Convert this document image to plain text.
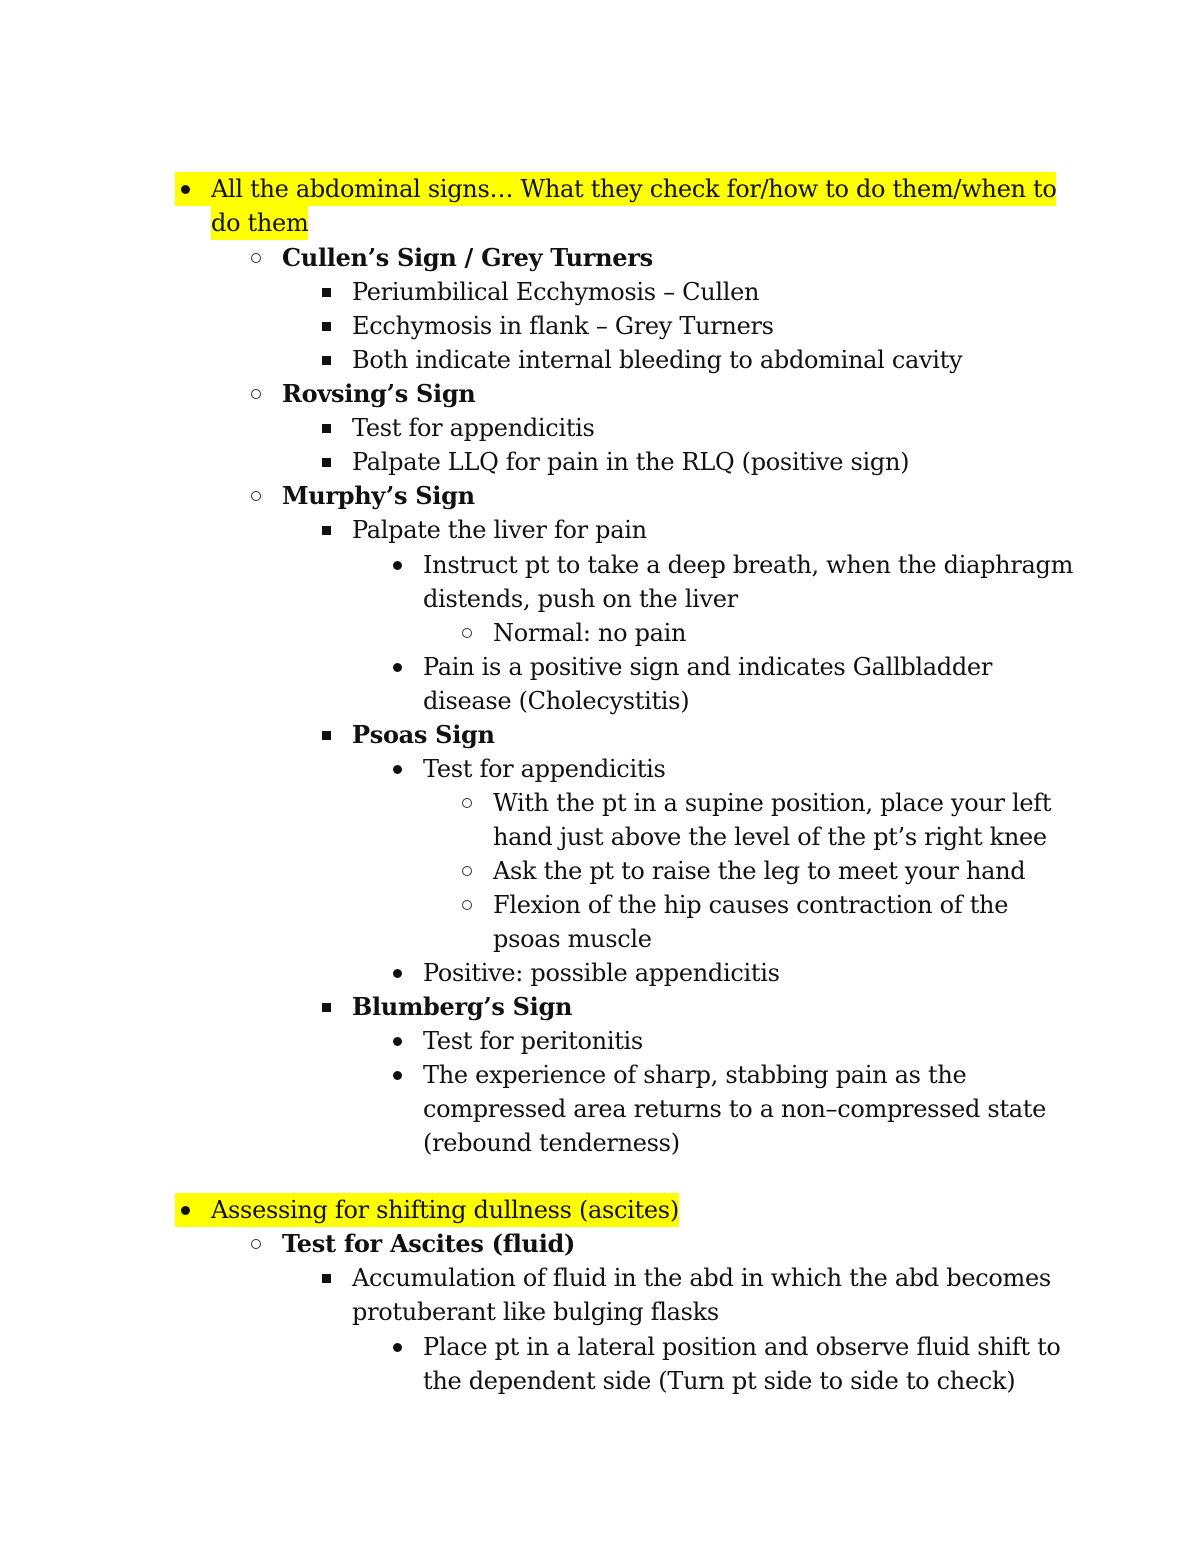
All the abdominal signs… What they check for/how to do them/when to
do them
Cullen’s Sign / Grey Turners
Periumbilical Ecchymosis – Cullen
Ecchymosis in flank – Grey Turners
Both indicate internal bleeding to abdominal cavity
Rovsing’s Sign
Test for appendicitis
Palpate LLQ for pain in the RLQ (positive sign)
Murphy’s Sign
Palpate the liver for pain
Instruct pt to take a deep breath, when the diaphragm
distends, push on the liver
Normal: no pain
Pain is a positive sign and indicates Gallbladder
disease (Cholecystitis)
Psoas Sign
Test for appendicitis
With the pt in a supine position, place your left
hand just above the level of the pt’s right knee
Ask the pt to raise the leg to meet your hand
Flexion of the hip causes contraction of the
psoas muscle
Positive: possible appendicitis
Blumberg’s Sign
Test for peritonitis
The experience of sharp, stabbing pain as the
compressed area returns to a non–compressed state
(rebound tenderness)
Assessing for shifting dullness (ascites)
Test for Ascites (fluid)
Accumulation of fluid in the abd in which the abd becomes
protuberant like bulging flasks
Place pt in a lateral position and observe fluid shift to
the dependent side (Turn pt side to side to check)
